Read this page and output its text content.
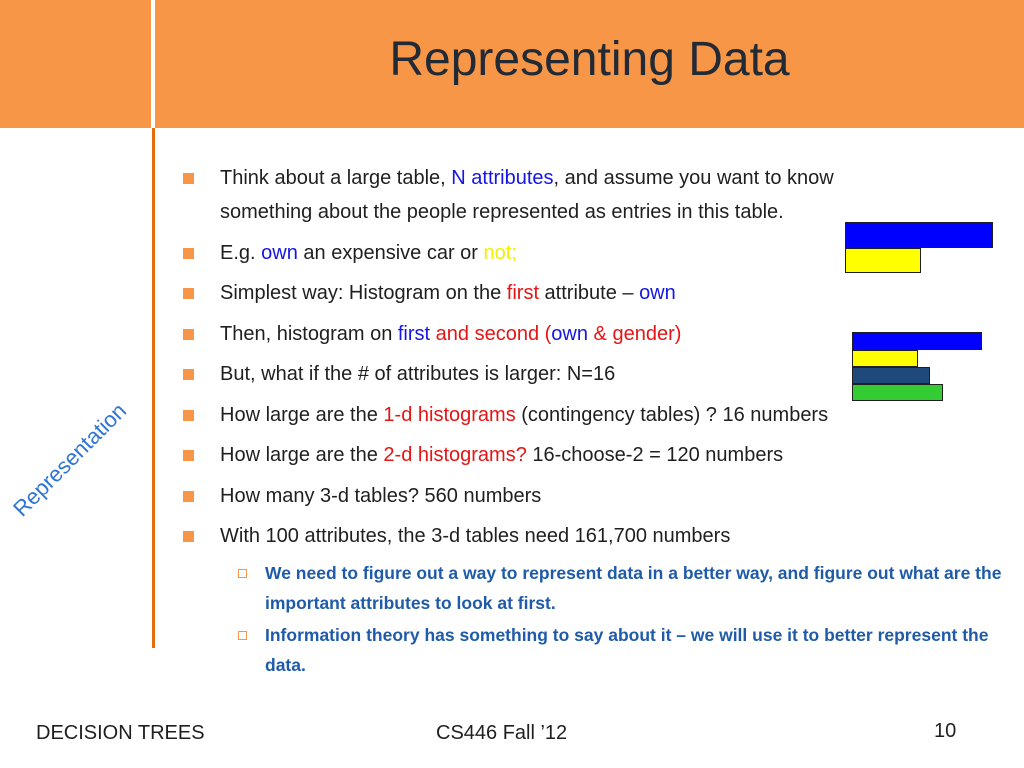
Representing Data
Representation
Think about a large table, N attributes, and assume you want to know
something about the people represented as entries in this table.
E.g. own an expensive car or not;
Simplest way: Histogram on the first attribute – own
Then, histogram on first and second (own & gender)
But, what if the # of attributes is larger: N=16
How large are the 1-d histograms (contingency tables) ? 16 numbers
How large are the 2-d histograms? 16-choose-2 = 120 numbers
How many 3-d tables? 560 numbers
With 100 attributes, the 3-d tables need 161,700 numbers
We need to figure out a way to represent data in a better way, and figure out what are the important attributes to look at first.
Information theory has something to say about it – we will use it to better represent the data.
DECISION TREES	CS446 Fall ’12	10
